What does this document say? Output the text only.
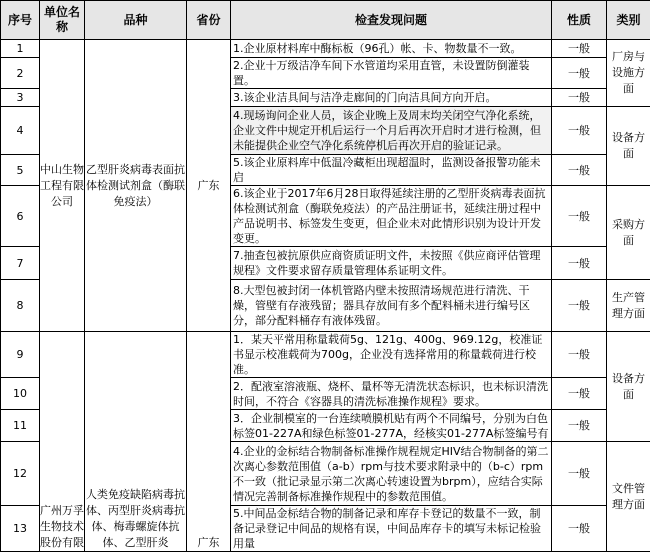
序号	单位名称	品种	省份	检查发现问题	性质	类别
1	中山生物工程有限公司	乙型肝炎病毒表面抗体检测试剂盒（酶联免疫法）	广东	1.企业原材料库中酶标板（96孔）帐、卡、物数量不一致。	一般	厂房与设施方面
2				2.企业十万级洁净车间下水管道均采用直管，未设置防倒灌装置。	一般	
3				3.该企业洁具间与洁净走廊间的门向洁具间方向开启。	一般	
4				4.现场询问企业人员，该企业晚上及周末均关闭空气净化系统，企业文件中规定开机后运行一个月后再次开启时才进行检测，但未能提供企业空气净化系统停机后再次开启的验证记录。	一般	设备方面
5				5.该企业原料库中低温冷藏柜出现超温时，监测设备报警功能未启	一般	
6				6.该企业于2017年6月28日取得延续注册的乙型肝炎病毒表面抗体检测试剂盒（酶联免疫法）的产品注册证书，延续注册过程中产品说明书、标签发生变更，但企业未对此情形识别为设计开发变更。	一般	采购方面
7				7.抽查包被抗原供应商资质证明文件，未按照《供应商评估管理规程》文件要求留存质量管理体系证明文件。	一般	
8				8.大型包被封闭一体机管路内壁未按照清场规范进行清洗、干燥，管壁有存液残留；器具存放间有多个配料桶未进行编号区分，部分配料桶存有液体残留。	一般	生产管理方面
9	广州万孚生物技术股份有限	人类免疫缺陷病毒抗体、丙型肝炎病毒抗体、梅毒螺旋体抗体、乙型肝炎	广东	1．某天平常用称量载荷5g、121g、400g、969.12g，校准证书显示校准载荷为700g，企业没有选择常用的称量载荷进行校准。	一般	设备方面
10				2．配液室溶液瓶、烧杯、量杯等无清洗状态标识，也未标识清洗时间，不符合《容器具的清洗标准操作规程》要求。	一般	
11				3．企业制模室的一台连续喷膜机贴有两个不同编号，分别为白色标签01-227A和绿色标签01-277A，经核实01-277A标签编号有	一般	
12				4.企业的金标结合物制备标准操作规程规定HIV结合物制备的第二次离心参数范围值（a-b）rpm与技术要求附录中的（b-c）rpm不一致（批记录显示第二次离心转速设置为brpm），应结合实际情况完善制备标准操作规程中的参数范围值。	一般	文件管理方面
13				5.中间品金标结合物的制备记录和库存卡登记的数量不一致，制备记录登记中间品的规格有误，中间品库存卡的填写未标记检验用量	一般	
